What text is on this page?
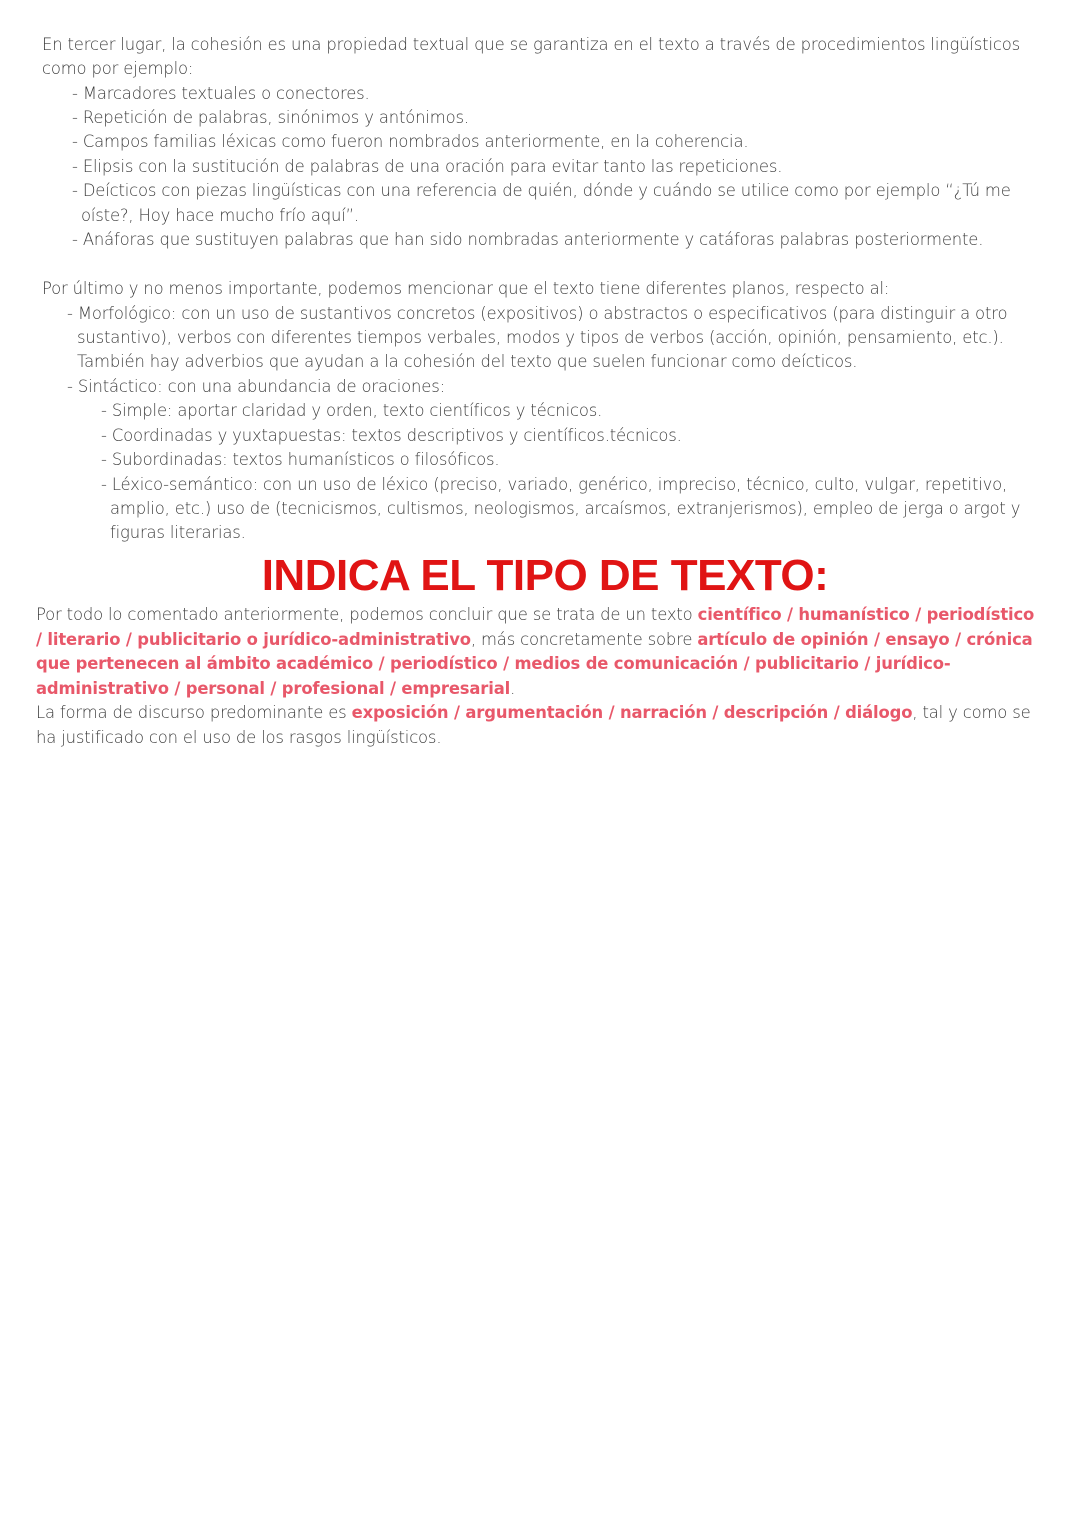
En tercer lugar, la cohesión es una propiedad textual que se garantiza en el texto a través de procedimientos lingüísticos
como por ejemplo:
- Marcadores textuales o conectores.
- Repetición de palabras, sinónimos y antónimos.
- Campos familias léxicas como fueron nombrados anteriormente, en la coherencia.
- Elipsis con la sustitución de palabras de una oración para evitar tanto las repeticiones.
- Deícticos con piezas lingüísticas con una referencia de quién, dónde y cuándo se utilice como por ejemplo “¿Tú me
oíste?, Hoy hace mucho frío aquí”.
- Anáforas que sustituyen palabras que han sido nombradas anteriormente y catáforas palabras posteriormente.
Por último y no menos importante, podemos mencionar que el texto tiene diferentes planos, respecto al:
- Morfológico: con un uso de sustantivos concretos (expositivos) o abstractos o especificativos (para distinguir a otro
sustantivo), verbos con diferentes tiempos verbales, modos y tipos de verbos (acción, opinión, pensamiento, etc.).
También hay adverbios que ayudan a la cohesión del texto que suelen funcionar como deícticos.
- Sintáctico: con una abundancia de oraciones:
- Simple: aportar claridad y orden, texto científicos y técnicos.
- Coordinadas y yuxtapuestas: textos descriptivos y científicos.técnicos.
- Subordinadas: textos humanísticos o filosóficos.
- Léxico-semántico: con un uso de léxico (preciso, variado, genérico, impreciso, técnico, culto, vulgar, repetitivo,
amplio, etc.) uso de (tecnicismos, cultismos, neologismos, arcaísmos, extranjerismos), empleo de jerga o argot y
figuras literarias.
INDICA EL TIPO DE TEXTO:
Por todo lo comentado anteriormente, podemos concluir que se trata de un texto científico / humanístico / periodístico
/ literario / publicitario o jurídico-administrativo, más concretamente sobre artículo de opinión / ensayo / crónica
que pertenecen al ámbito académico / periodístico / medios de comunicación / publicitario / jurídico-
administrativo / personal / profesional / empresarial.
La forma de discurso predominante es exposición / argumentación / narración / descripción / diálogo, tal y como se
ha justificado con el uso de los rasgos lingüísticos.
